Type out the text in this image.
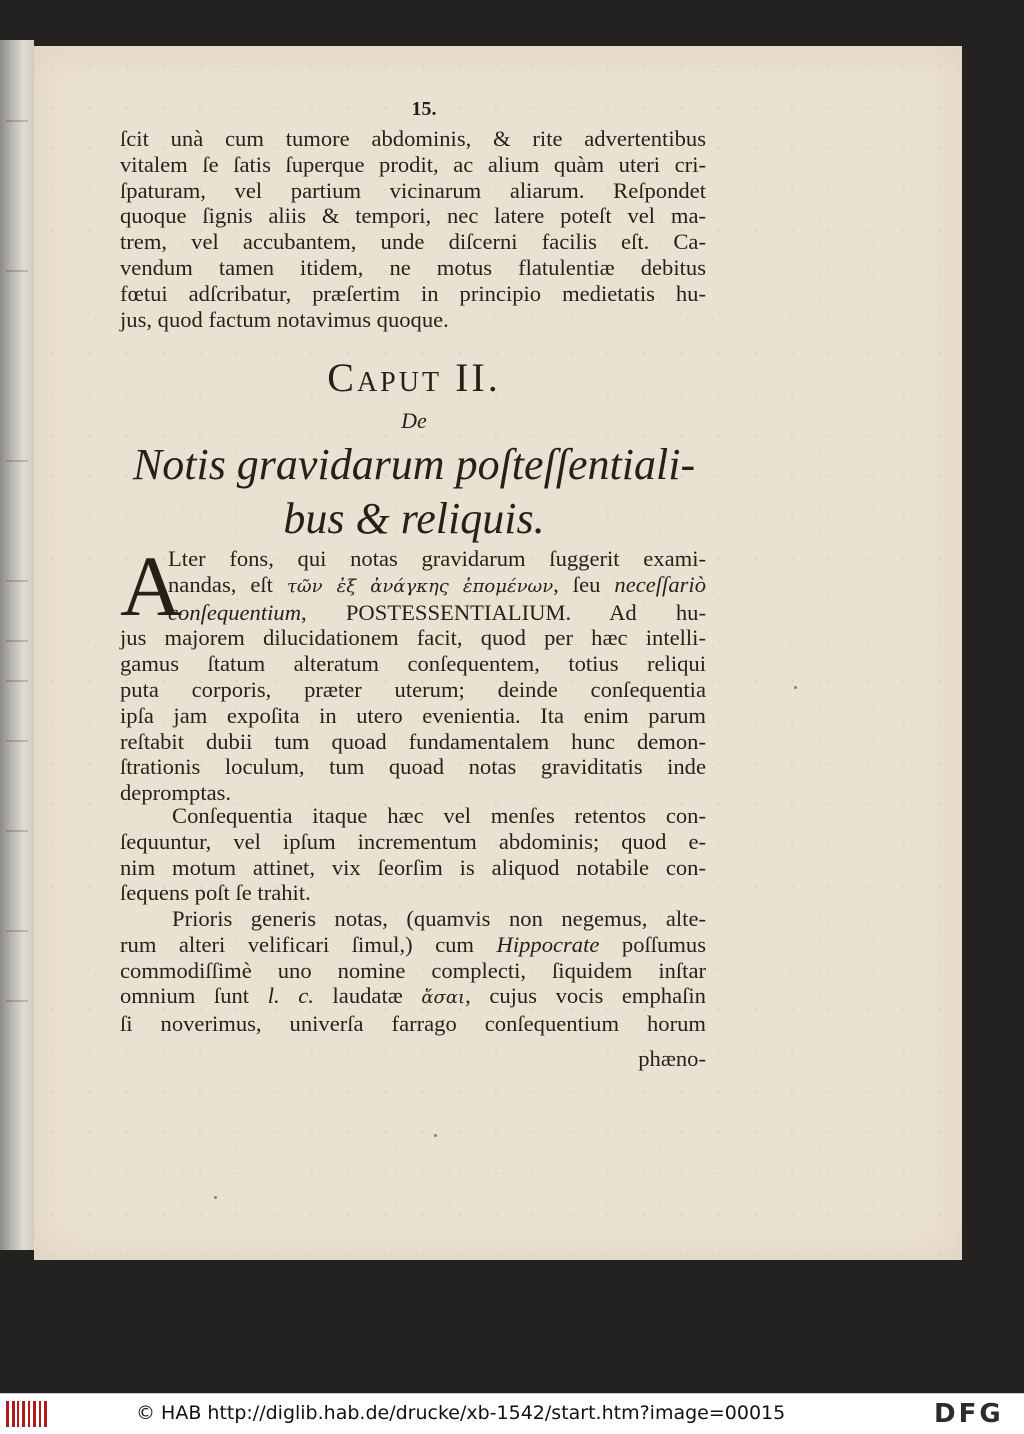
15.
ſcit unà cum tumore abdominis, & rite advertentibus
vitalem ſe ſatis ſuperque prodit, ac alium quàm uteri cri-
ſpaturam, vel partium vicinarum aliarum. Reſpondet
quoque ſignis aliis & tempori, nec latere poteſt vel ma-
trem, vel accubantem, unde diſcerni facilis eſt. Ca-
vendum tamen itidem, ne motus flatulentiæ debitus
fœtui adſcribatur, præſertim in principio medietatis hu-
jus, quod factum notavimus quoque.
Caput II.
De
Notis gravidarum poſteſſentiali-
bus & reliquis.
A
Lter fons, qui notas gravidarum ſuggerit exami-
nandas, eſt τῶν ἐξ ἀνάγκης ἑπομένων, ſeu neceſſariò
conſequentium, POSTESSENTIALIUM. Ad hu-
jus majorem dilucidationem facit, quod per hæc intelli-
gamus ſtatum alteratum conſequentem, totius reliqui
puta corporis, præter uterum; deinde conſequentia
ipſa jam expoſita in utero evenientia. Ita enim parum
reſtabit dubii tum quoad fundamentalem hunc demon-
ſtrationis loculum, tum quoad notas graviditatis inde
depromptas.
Conſequentia itaque hæc vel menſes retentos con-
ſequuntur, vel ipſum incrementum abdominis; quod e-
nim motum attinet, vix ſeorſim is aliquod notabile con-
ſequens poſt ſe trahit.
Prioris generis notas, (quamvis non negemus, alte-
rum alteri velificari ſimul,) cum Hippocrate poſſumus
commodiſſimè uno nomine complecti, ſiquidem inſtar
omnium ſunt l. c. laudatæ ἄσαι, cujus vocis emphaſin
ſi noverimus, univerſa farrago conſequentium horum
phæno-
© HAB http://diglib.hab.de/drucke/xb-1542/start.htm?image=00015	DFG
